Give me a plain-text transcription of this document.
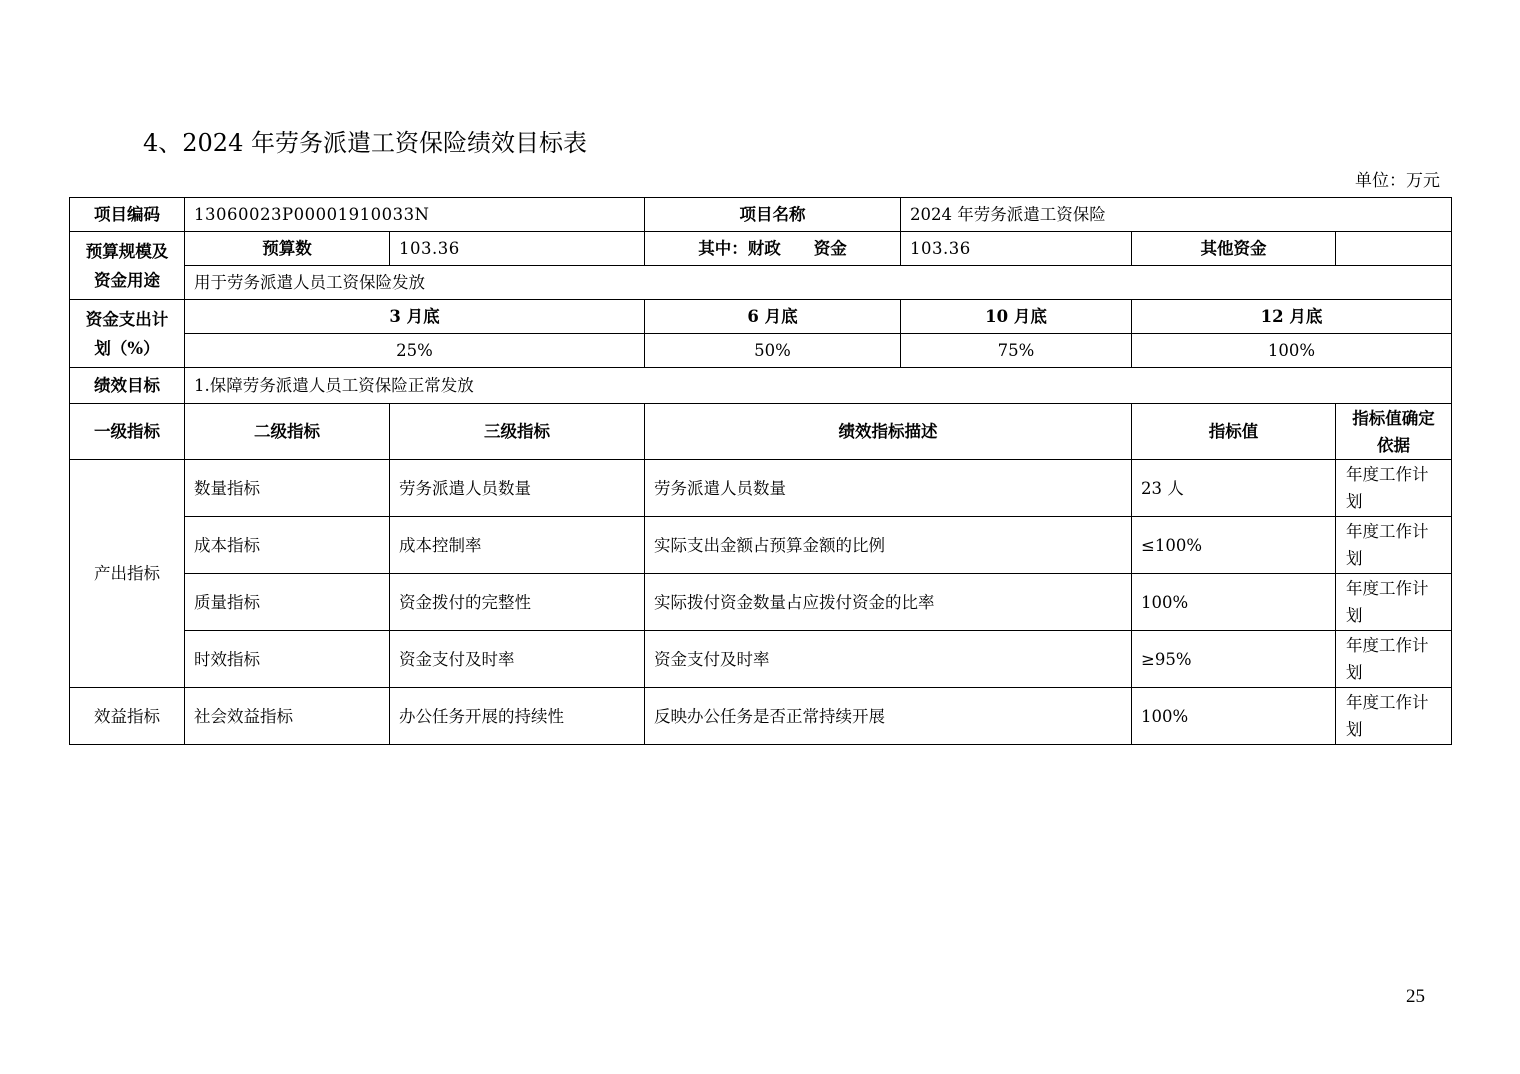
4、2024 年劳务派遣工资保险绩效目标表
单位：万元
项目编码	13060023P00001910033N		项目名称	2024 年劳务派遣工资保险		
预算规模及资金用途	预算数	103.36	其中：财政　　资金	103.36	其他资金	
	用于劳务派遣人员工资保险发放					
资金支出计划（%）	3 月底		6 月底	10 月底	12 月底	
	25%		50%	75%	100%	
绩效目标	1.保障劳务派遣人员工资保险正常发放					
一级指标	二级指标	三级指标	绩效指标描述		指标值	指标值确定依据
产出指标	数量指标	劳务派遣人员数量	劳务派遣人员数量		23 人	年度工作计划
	成本指标	成本控制率	实际支出金额占预算金额的比例		≤100%	年度工作计划
	质量指标	资金拨付的完整性	实际拨付资金数量占应拨付资金的比率		100%	年度工作计划
	时效指标	资金支付及时率	资金支付及时率		≥95%	年度工作计划
效益指标	社会效益指标	办公任务开展的持续性	反映办公任务是否正常持续开展		100%	年度工作计划
25
